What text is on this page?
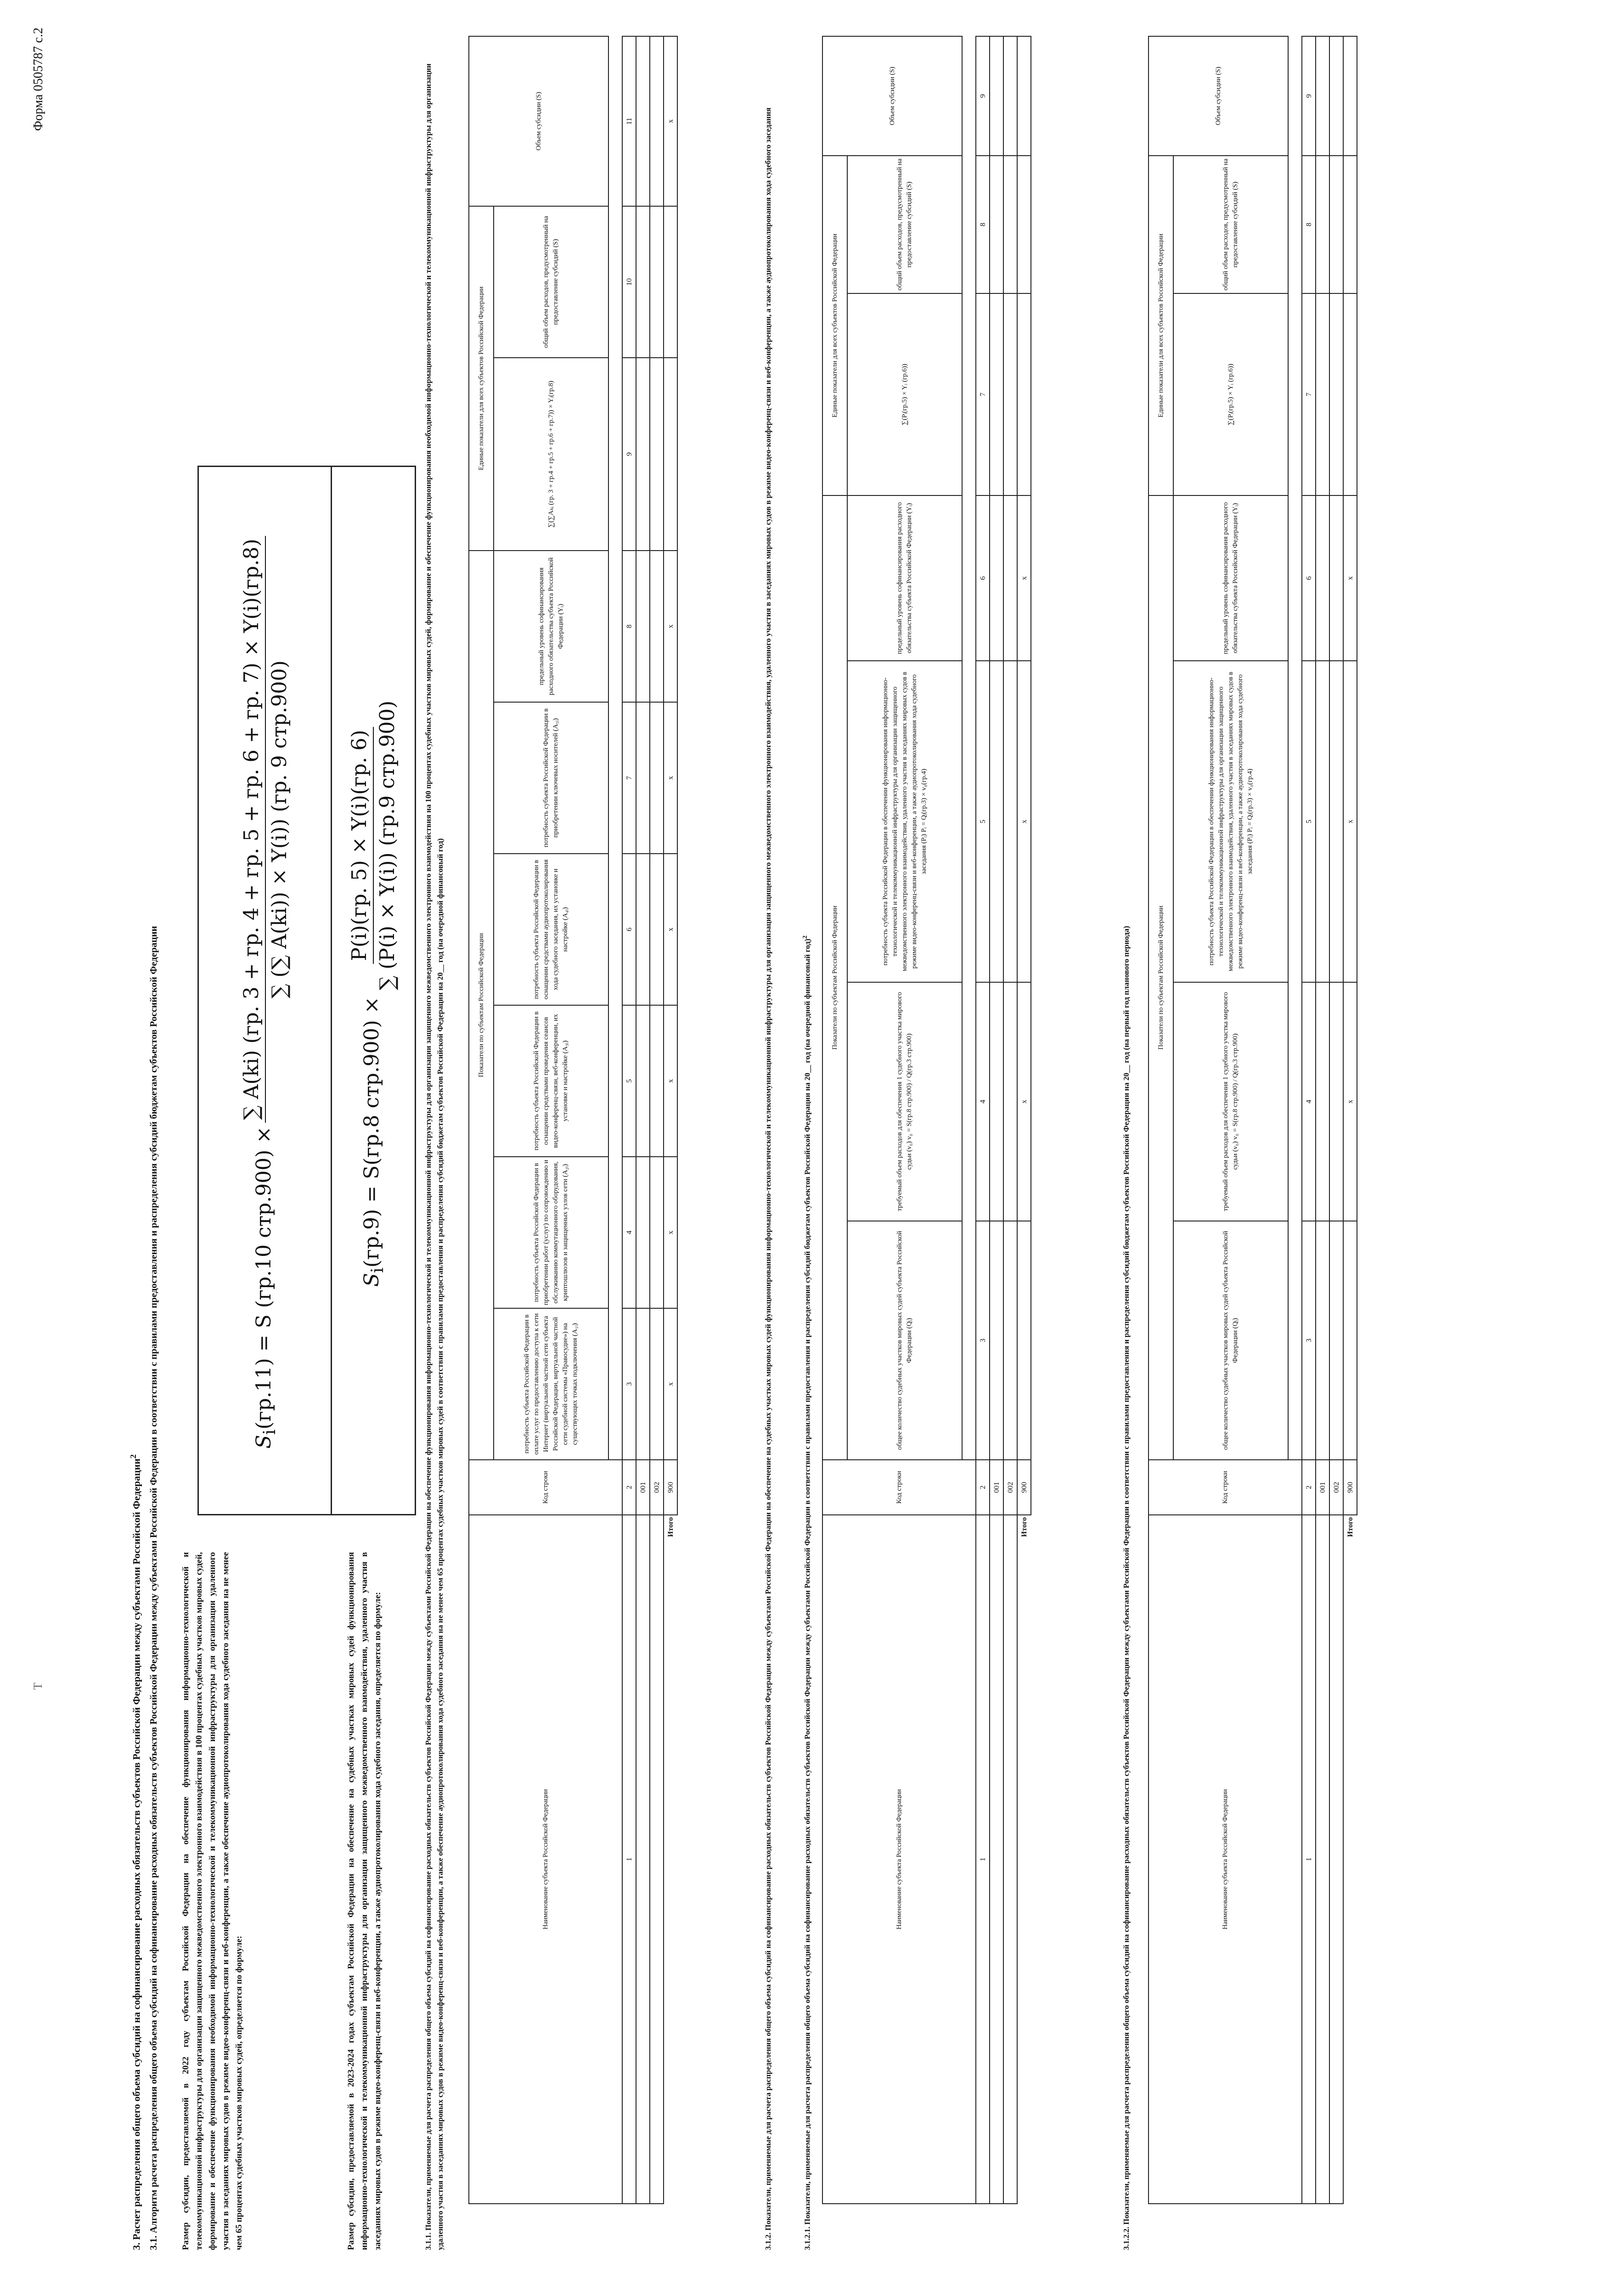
Форма 0505787 с.2
Т	3. Расчет распределения общего объема субсидий на софинансирование расходных обязательств субъектов Российской Федерации между субъектами Российской Федерации$^2$	3.1. Алгоритм расчета распределения общего объема субсидий на софинансирование расходных обязательств субъектов Российской Федерации между субъектами Российской Федерации в соответствии с правилами предоставления и распределения субсидий бюджетам субъектов Российской Федерации	Размер субсидии, предоставляемой в 2022 году субъектам Российской Федерации на обеспечение функционирования информационно-технологической и телекоммуникационной инфраструктуры для организации защищенного межведомственного электронного взаимодействия в 100 процентах судебных участков мировых судей, формирование и обеспечение функционирования необходимой информационно-технологической и телекоммуникационной инфраструктуры для организации удаленного участия в заседаниях мировых судов в режиме видео-конференц-связи и веб-конференции, а также обеспечение аудиопротоколирования хода судебного заседания на не менее чем 65 процентах судебных участков мировых судей, определяется по формуле:	Размер субсидии, предоставляемой в 2023-2024 годах субъектам Российской Федерации на обеспечение на судебных участках мировых судей функционирования информационно-технологической и телекоммуникационной инфраструктуры для организации защищенного межведомственного взаимодействия, удаленного участия в заседаниях мировых судов в режиме видео-конференц-связи и веб-конференции, а также аудиопротоколирования хода судебного заседания, определяется по формуле:
$S_i(гр.11) = S$ (гр.10 стр.900) ×
∑ A(ki) (гр. 3 + гр. 4 + гр. 5 + гр. 6 + гр. 7) × Y(i)(гр.8) ∑ (∑ A(ki)) × Y(i)) (гр. 9 стр.900)
$S_i(гр.9) = S(гр.8$ стр.900) ×
P(i)(гр. 5) × Y(i)(гр. 6) ∑ (P(i) × Y(i)) (гр.9 стр.900)	3.1.1. Показатели, применяемые для расчета распределения общего объема субсидий на софинансирование расходных обязательств субъектов Российской Федерации между субъектами Российской Федерации на обеспечение функционирования информационно-технологической и телекоммуникационной инфраструктуры для организации защищенного межведомственного электронного взаимодействия на 100 процентах судебных участков мировых судей, формирование и обеспечение функционирования необходимой информационно-технологической и телекоммуникационной инфраструктуры для организации удаленного участия в заседаниях мировых судов в режиме видео-конференц-связи и веб-конференции, а также обеспечение аудиопротоколирования хода судебного заседания на не менее чем 65 процентах судебных участков мировых судей в соответствии с правилами предоставления и распределения субсидий бюджетам субъектов Российской Федерации на 20__ год (на очередной финансовый год)	Наименование субъекта Российской Федерации	Код строки	Показатели по субъектам Российской Федерации						Единые показатели для всех субъектов Российской Федерации		Объем субсидии (S)
		потребность субъекта Российской Федерации в оплате услуг по предоставлению доступа к сети Интернет (виртуальной частной сети субъекта Российской Федерации, виртуальной частной сети судебной системы «Правосудие») на существующих точках подключения (A₁ᵢ)	потребность субъекта Российской Федерации в приобретении работ (услуг) по сопровождению и обслуживанию коммутационного оборудования, криптошлюзов и защищенных узлов сети (A₂ᵢ)	потребность субъекта Российской Федерации в оснащении средствами проведения сеансов видео-конференц-связи, веб-конференции, их установке и настройке (A₃ᵢ)	потребность субъекта Российской Федерации в оснащении средствами аудиопротоколирования хода судебного заседания, их установке и настройке (A₄ᵢ)	потребность субъекта Российской Федерации в приобретении ключевых носителей (A₅ᵢ)	предельный уровень софинансирования расходного обязательства субъекта Российской Федерации (Yᵢ)	∑(∑Aₖᵢ (гр. 3 + гр.4 + гр.5 + гр.6 + гр.7)) × Yᵢ(гр.8)	общий объем расходов, предусмотренный на предоставление субсидий (S)	

1	2	3	4	5	6	7	8	9	10	11
	001									
	002									
Итого	900	x	x	x	x	x	x			x	3.1.2. Показатели, применяемые для расчета распределения общего объема субсидий на софинансирование расходных обязательств субъектов Российской Федерации между субъектами Российской Федерации на обеспечение на судебных участках мировых судей функционирования информационно-технологической и телекоммуникационной инфраструктуры для организации защищенного межведомственного электронного взаимодействия, удаленного участия в заседаниях мировых судов в режиме видео-конференц-связи и веб-конференции, а также аудиопротоколирования хода судебного заседания	3.1.2.1. Показатели, применяемые для расчета распределения общего объема субсидий на софинансирование расходных обязательств субъектов Российской Федерации между субъектами Российской Федерации в соответствии с правилами предоставления и распределения субсидий бюджетам субъектов Российской Федерации на 20__ год (на очередной финансовый год)$^2$
Наименование субъекта Российской Федерации	Код строки	Показатели по субъектам Российской Федерации				Единые показатели для всех субъектов Российской Федерации		Объем субсидии (S)
		общее количество судебных участков мировых судей субъекта Российской Федерации (Qᵢ)	требуемый объем расходов для обеспечения 1 судебного участка мирового судьи (v₀) v₀ = S(гр.8 стр.900) / Q(гр.3 стр.900)	потребность субъекта Российской Федерации в обеспечении функционирования информационно-технологической и телекоммуникационной инфраструктуры для организации защищенного межведомственного электронного взаимодействия, удаленного участия в заседаниях мировых судов в режиме видео-конференц-связи и веб-конференции, а также аудиопротоколирования хода судебного заседания (Pᵢ) Pᵢ = Qᵢ(гр.3) × v₀(гр.4)	предельный уровень софинансирования расходного обязательства субъекта Российской Федерации (Yᵢ)	∑(Pᵢ(гр.5) × Yᵢ (гр.6))	общий объем расходов, предусмотренный на предоставление субсидий (S)	

1	2	3	4	5	6	7	8	9
	001							
	002							
Итого	900		x	x	x			
3.1.2.2. Показатели, применяемые для расчета распределения общего объема субсидий на софинансирование расходных обязательств субъектов Российской Федерации между субъектами Российской Федерации в соответствии с правилами предоставления и распределения субсидий бюджетам субъектов Российской Федерации на 20__ год (на первый год планового периода)	Наименование субъекта Российской Федерации	Код строки	Показатели по субъектам Российской Федерации				Единые показатели для всех субъектов Российской Федерации		Объем субсидии (S)
		общее количество судебных участков мировых судей субъекта Российской Федерации (Qᵢ)	требуемый объем расходов для обеспечения 1 судебного участка мирового судьи (v₀) v₀ = S(гр.8 стр.900) / Q(гр.3 стр.900)	потребность субъекта Российской Федерации в обеспечении функционирования информационно-технологической и телекоммуникационной инфраструктуры для организации защищенного межведомственного электронного взаимодействия, удаленного участия в заседаниях мировых судов в режиме видео-конференц-связи и веб-конференции, а также аудиопротоколирования хода судебного заседания (Pᵢ) Pᵢ = Qᵢ(гр.3) × v₀(гр.4)	предельный уровень софинансирования расходного обязательства субъекта Российской Федерации (Yᵢ)	∑(Pᵢ(гр.5) × Yᵢ (гр.6))	общий объем расходов, предусмотренный на предоставление субсидий (S)	

1	2	3	4	5	6	7	8	9
	001							
	002							
Итого	900		x	x	x			
